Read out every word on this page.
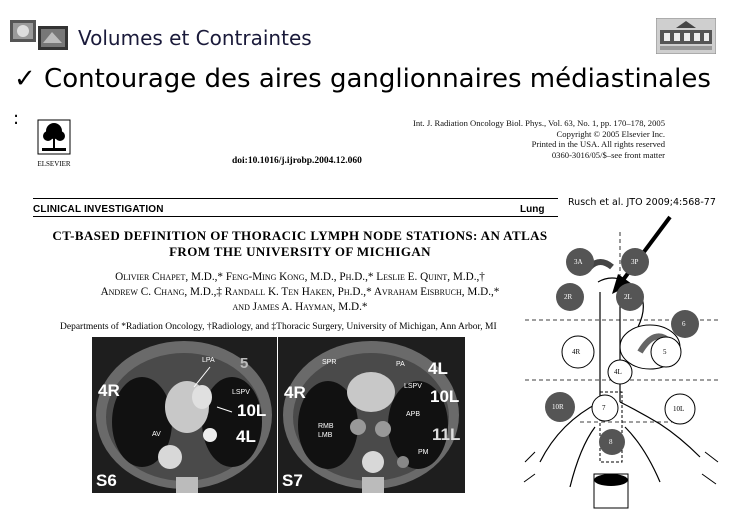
Volumes et Contraintes
✓ Contourage des aires ganglionnaires médiastinales
:
ELSEVIER
Int. J. Radiation Oncology Biol. Phys., Vol. 63, No. 1, pp. 170–178, 2005
Copyright © 2005 Elsevier Inc.
Printed in the USA. All rights reserved
0360-3016/05/$–see front matter
doi:10.1016/j.ijrobp.2004.12.060
CLINICAL INVESTIGATION	Lung
CT-BASED DEFINITION OF THORACIC LYMPH NODE STATIONS: AN ATLAS FROM THE UNIVERSITY OF MICHIGAN
Olivier Chapet, M.D.,* Feng-Ming Kong, M.D., Ph.D.,* Leslie E. Quint, M.D.,†
Andrew C. Chang, M.D.,‡ Randall K. Ten Haken, Ph.D.,* Avraham Eisbruch, M.D.,*
and James A. Hayman, M.D.*
Departments of *Radiation Oncology, †Radiology, and ‡Thoracic Surgery, University of Michigan, Ann Arbor, MI
4R
LPA
LSPV
5
10L
4L
AV
S6
SPR
4R
PA 4L
LSPV
10L
RMB
LMB
APB
11L
PM
S7
Rusch et al. JTO 2009;4:568-77
3A	3P
2R	2L
6
4R	5
4L
10R	7	10L
8
